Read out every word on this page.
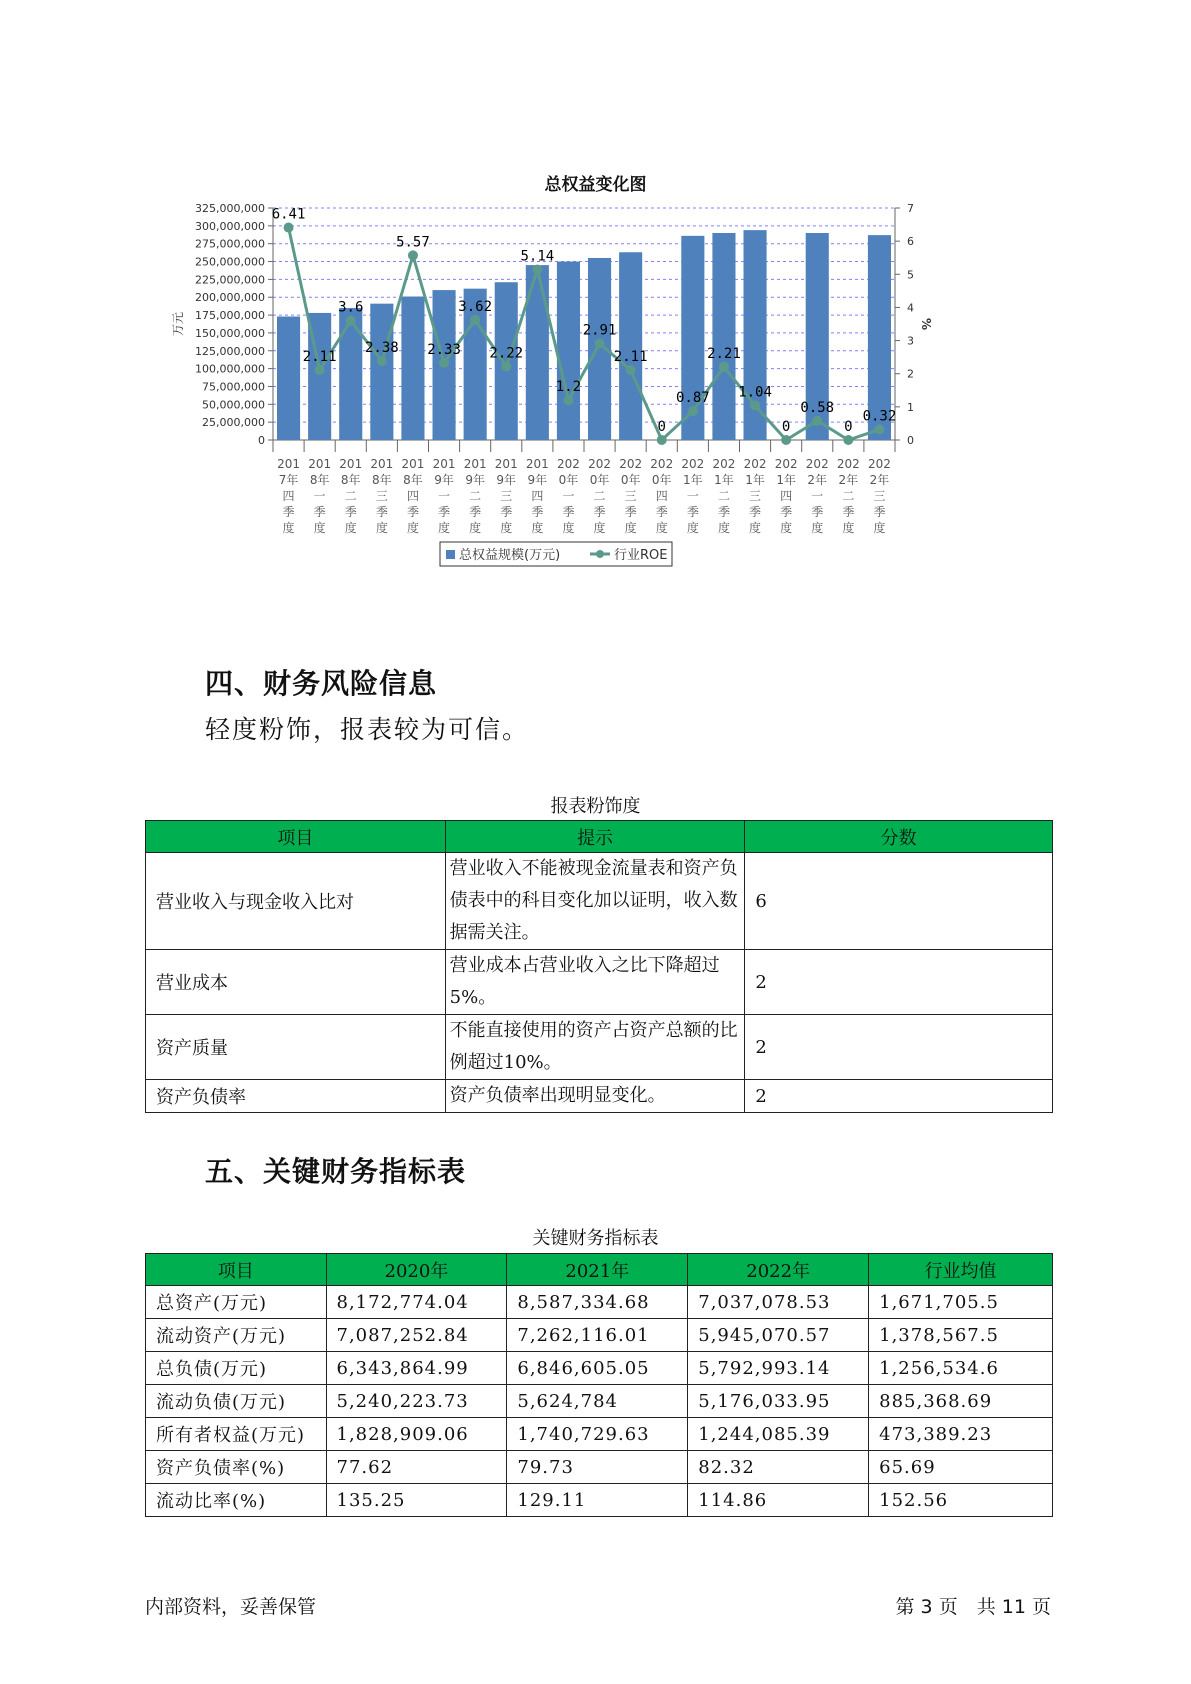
总权益变化图
0
25,000,000
50,000,000
75,000,000
100,000,000
125,000,000
150,000,000
175,000,000
200,000,000
225,000,000
250,000,000
275,000,000
300,000,000
325,000,000
0
1
2
3
4
5
6
7
万元	%
6.41
2.11
3.6
2.38
5.57
2.33
3.62
2.22
5.14
1.2
2.91
2.11
0
0.87
2.21
1.04
0
0.58
0
0.32
201
7年
四
季
度
201
8年
一
季
度
201
8年
二
季
度
201
8年
三
季
度
201
8年
四
季
度
201
9年
一
季
度
201
9年
二
季
度
201
9年
三
季
度
201
9年
四
季
度
202
0年
一
季
度
202
0年
二
季
度
202
0年
三
季
度
202
0年
四
季
度
202
1年
一
季
度
202
1年
二
季
度
202
1年
三
季
度
202
1年
四
季
度
202
2年
一
季
度
202
2年
二
季
度
202
2年
三
季
度
总权益规模(万元)	行业ROE
四、财务风险信息
轻度粉饰，报表较为可信。
报表粉饰度
项目	提示	分数
营业收入与现金收入比对	营业收入不能被现金流量表和资产负债表中的科目变化加以证明，收入数据需关注。	6
营业成本	营业成本占营业收入之比下降超过5%。	2
资产质量	不能直接使用的资产占资产总额的比例超过10%。	2
资产负债率	资产负债率出现明显变化。	2
五、关键财务指标表
关键财务指标表
项目	2020年	2021年	2022年	行业均值
总资产(万元)	8,172,774.04	8,587,334.68	7,037,078.53	1,671,705.5
流动资产(万元)	7,087,252.84	7,262,116.01	5,945,070.57	1,378,567.5
总负债(万元)	6,343,864.99	6,846,605.05	5,792,993.14	1,256,534.6
流动负债(万元)	5,240,223.73	5,624,784	5,176,033.95	885,368.69
所有者权益(万元)	1,828,909.06	1,740,729.63	1,244,085.39	473,389.23
资产负债率(%)	77.62	79.73	82.32	65.69
流动比率(%)	135.25	129.11	114.86	152.56
内部资料，妥善保管	第 3 页　共 11 页
